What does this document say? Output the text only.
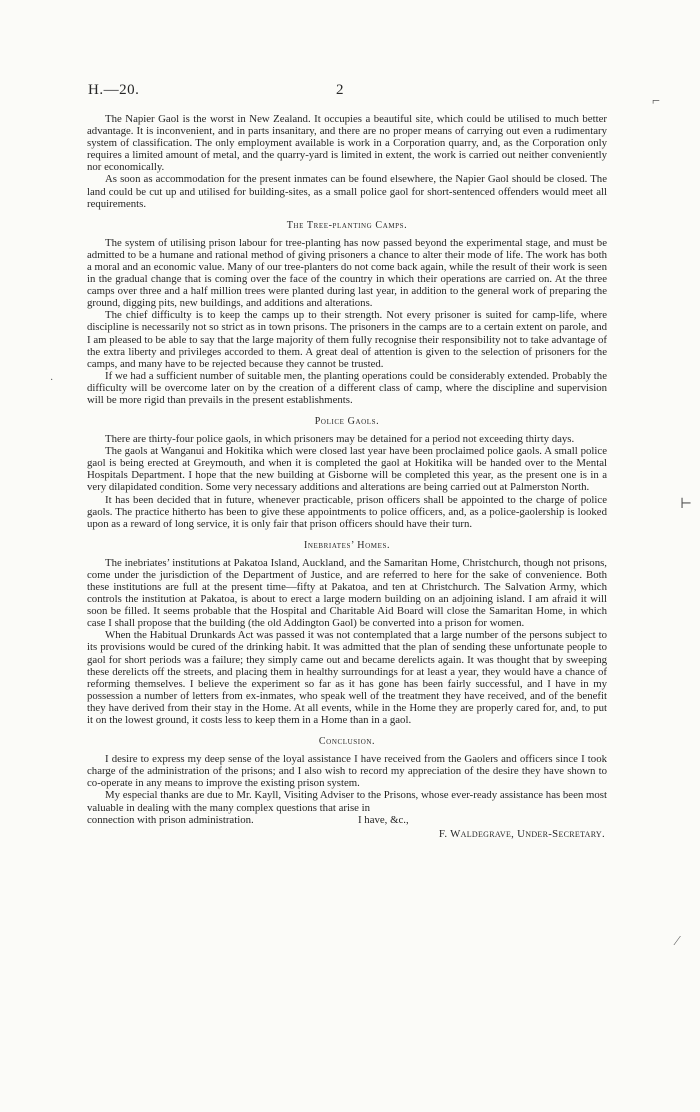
H.—20.	2
⌐
⊢
·
⁄

The Napier Gaol is the worst in New Zealand. It occupies a beautiful site, which could be utilised to much better advantage. It is inconvenient, and in parts insanitary, and there are no proper means of carrying out even a rudimentary system of classification. The only employment available is work in a Corporation quarry, and, as the Corporation only requires a limited amount of metal, and the quarry-yard is limited in extent, the work is carried out neither conveniently nor economically.

As soon as accommodation for the present inmates can be found elsewhere, the Napier Gaol should be closed. The land could be cut up and utilised for building-sites, as a small police gaol for short-sentenced offenders would meet all requirements.

The Tree-planting Camps.

The system of utilising prison labour for tree-planting has now passed beyond the experimental stage, and must be admitted to be a humane and rational method of giving prisoners a chance to alter their mode of life. The work has both a moral and an economic value. Many of our tree-planters do not come back again, while the result of their work is seen in the gradual change that is coming over the face of the country in which their operations are carried on. At the three camps over three and a half million trees were planted during last year, in addition to the general work of preparing the ground, digging pits, new buildings, and additions and alterations.

The chief difficulty is to keep the camps up to their strength. Not every prisoner is suited for camp-life, where discipline is necessarily not so strict as in town prisons. The prisoners in the camps are to a certain extent on parole, and I am pleased to be able to say that the large majority of them fully recognise their responsibility not to take advantage of the extra liberty and privileges accorded to them. A great deal of attention is given to the selection of prisoners for the camps, and many have to be rejected because they cannot be trusted.

If we had a sufficient number of suitable men, the planting operations could be considerably extended. Probably the difficulty will be overcome later on by the creation of a different class of camp, where the discipline and supervision will be more rigid than prevails in the present establishments.

Police Gaols.

There are thirty-four police gaols, in which prisoners may be detained for a period not exceeding thirty days.

The gaols at Wanganui and Hokitika which were closed last year have been proclaimed police gaols. A small police gaol is being erected at Greymouth, and when it is completed the gaol at Hokitika will be handed over to the Mental Hospitals Department. I hope that the new building at Gisborne will be completed this year, as the present one is in a very dilapidated condition. Some very necessary additions and alterations are being carried out at Palmerston North.

It has been decided that in future, whenever practicable, prison officers shall be appointed to the charge of police gaols. The practice hitherto has been to give these appointments to police officers, and, as a police-gaolership is looked upon as a reward of long service, it is only fair that prison officers should have their turn.

Inebriates’ Homes.

The inebriates’ institutions at Pakatoa Island, Auckland, and the Samaritan Home, Christchurch, though not prisons, come under the jurisdiction of the Department of Justice, and are referred to here for the sake of convenience. Both these institutions are full at the present time—fifty at Pakatoa, and ten at Christchurch. The Salvation Army, which controls the institution at Pakatoa, is about to erect a large modern building on an adjoining island. I am afraid it will soon be filled. It seems probable that the Hospital and Charitable Aid Board will close the Samaritan Home, in which case I shall propose that the building (the old Addington Gaol) be converted into a prison for women.

When the Habitual Drunkards Act was passed it was not contemplated that a large number of the persons subject to its provisions would be cured of the drinking habit. It was admitted that the plan of sending these unfortunate people to gaol for short periods was a failure; they simply came out and became derelicts again. It was thought that by sweeping these derelicts off the streets, and placing them in healthy surroundings for at least a year, they would have a chance of reforming themselves. I believe the experiment so far as it has gone has been fairly successful, and I have in my possession a number of letters from ex-inmates, who speak well of the treatment they have received, and of the benefit they have derived from their stay in the Home. At all events, while in the Home they are properly cared for, and, to put it on the lowest ground, it costs less to keep them in a Home than in a gaol.

Conclusion.

I desire to express my deep sense of the loyal assistance I have received from the Gaolers and officers since I took charge of the administration of the prisons; and I also wish to record my appreciation of the desire they have shown to co-operate in any means to improve the existing prison system.

My especial thanks are due to Mr. Kayll, Visiting Adviser to the Prisons, whose ever-ready assistance has been most valuable in dealing with the many complex questions that arise in

connection with prison administration.	I have, &c.,
F. Waldegrave, Under-Secretary.
